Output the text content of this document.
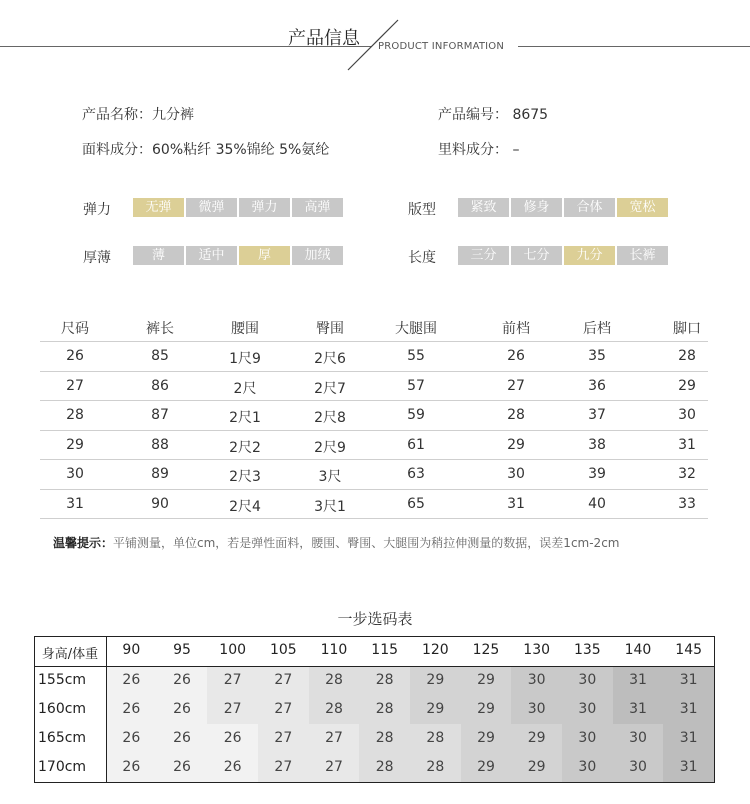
产品信息 PRODUCT INFORMATION
产品名称：九分裤	产品编号： 8675
面料成分：60%粘纤 35%锦纶 5%氨纶	里料成分： –
弹力	无弹	微弹	弹力	高弹	版型	紧致	修身	合体	宽松
厚薄	薄	适中	厚	加绒	长度	三分	七分	九分	长裤
尺码	裤长	腰围	臀围	大腿围	前档	后档	脚口
26	85	1尺9	2尺6	55	26	35	28
27	86	2尺	2尺7	57	27	36	29
28	87	2尺1	2尺8	59	28	37	30
29	88	2尺2	2尺9	61	29	38	31
30	89	2尺3	3尺	63	30	39	32
31	90	2尺4	3尺1	65	31	40	33
温馨提示：平铺测量，单位cm，若是弹性面料，腰围、臀围、大腿围为稍拉伸测量的数据，误差1cm-2cm
一步选码表
身高/体重	90	95	100	105	110	115	120	125	130	135	140	145
155cm	26	26	27	27	28	28	29	29	30	30	31	31
160cm	26	26	27	27	28	28	29	29	30	30	31	31
165cm	26	26	26	27	27	28	28	29	29	30	30	31
170cm	26	26	26	27	27	28	28	29	29	30	30	31
